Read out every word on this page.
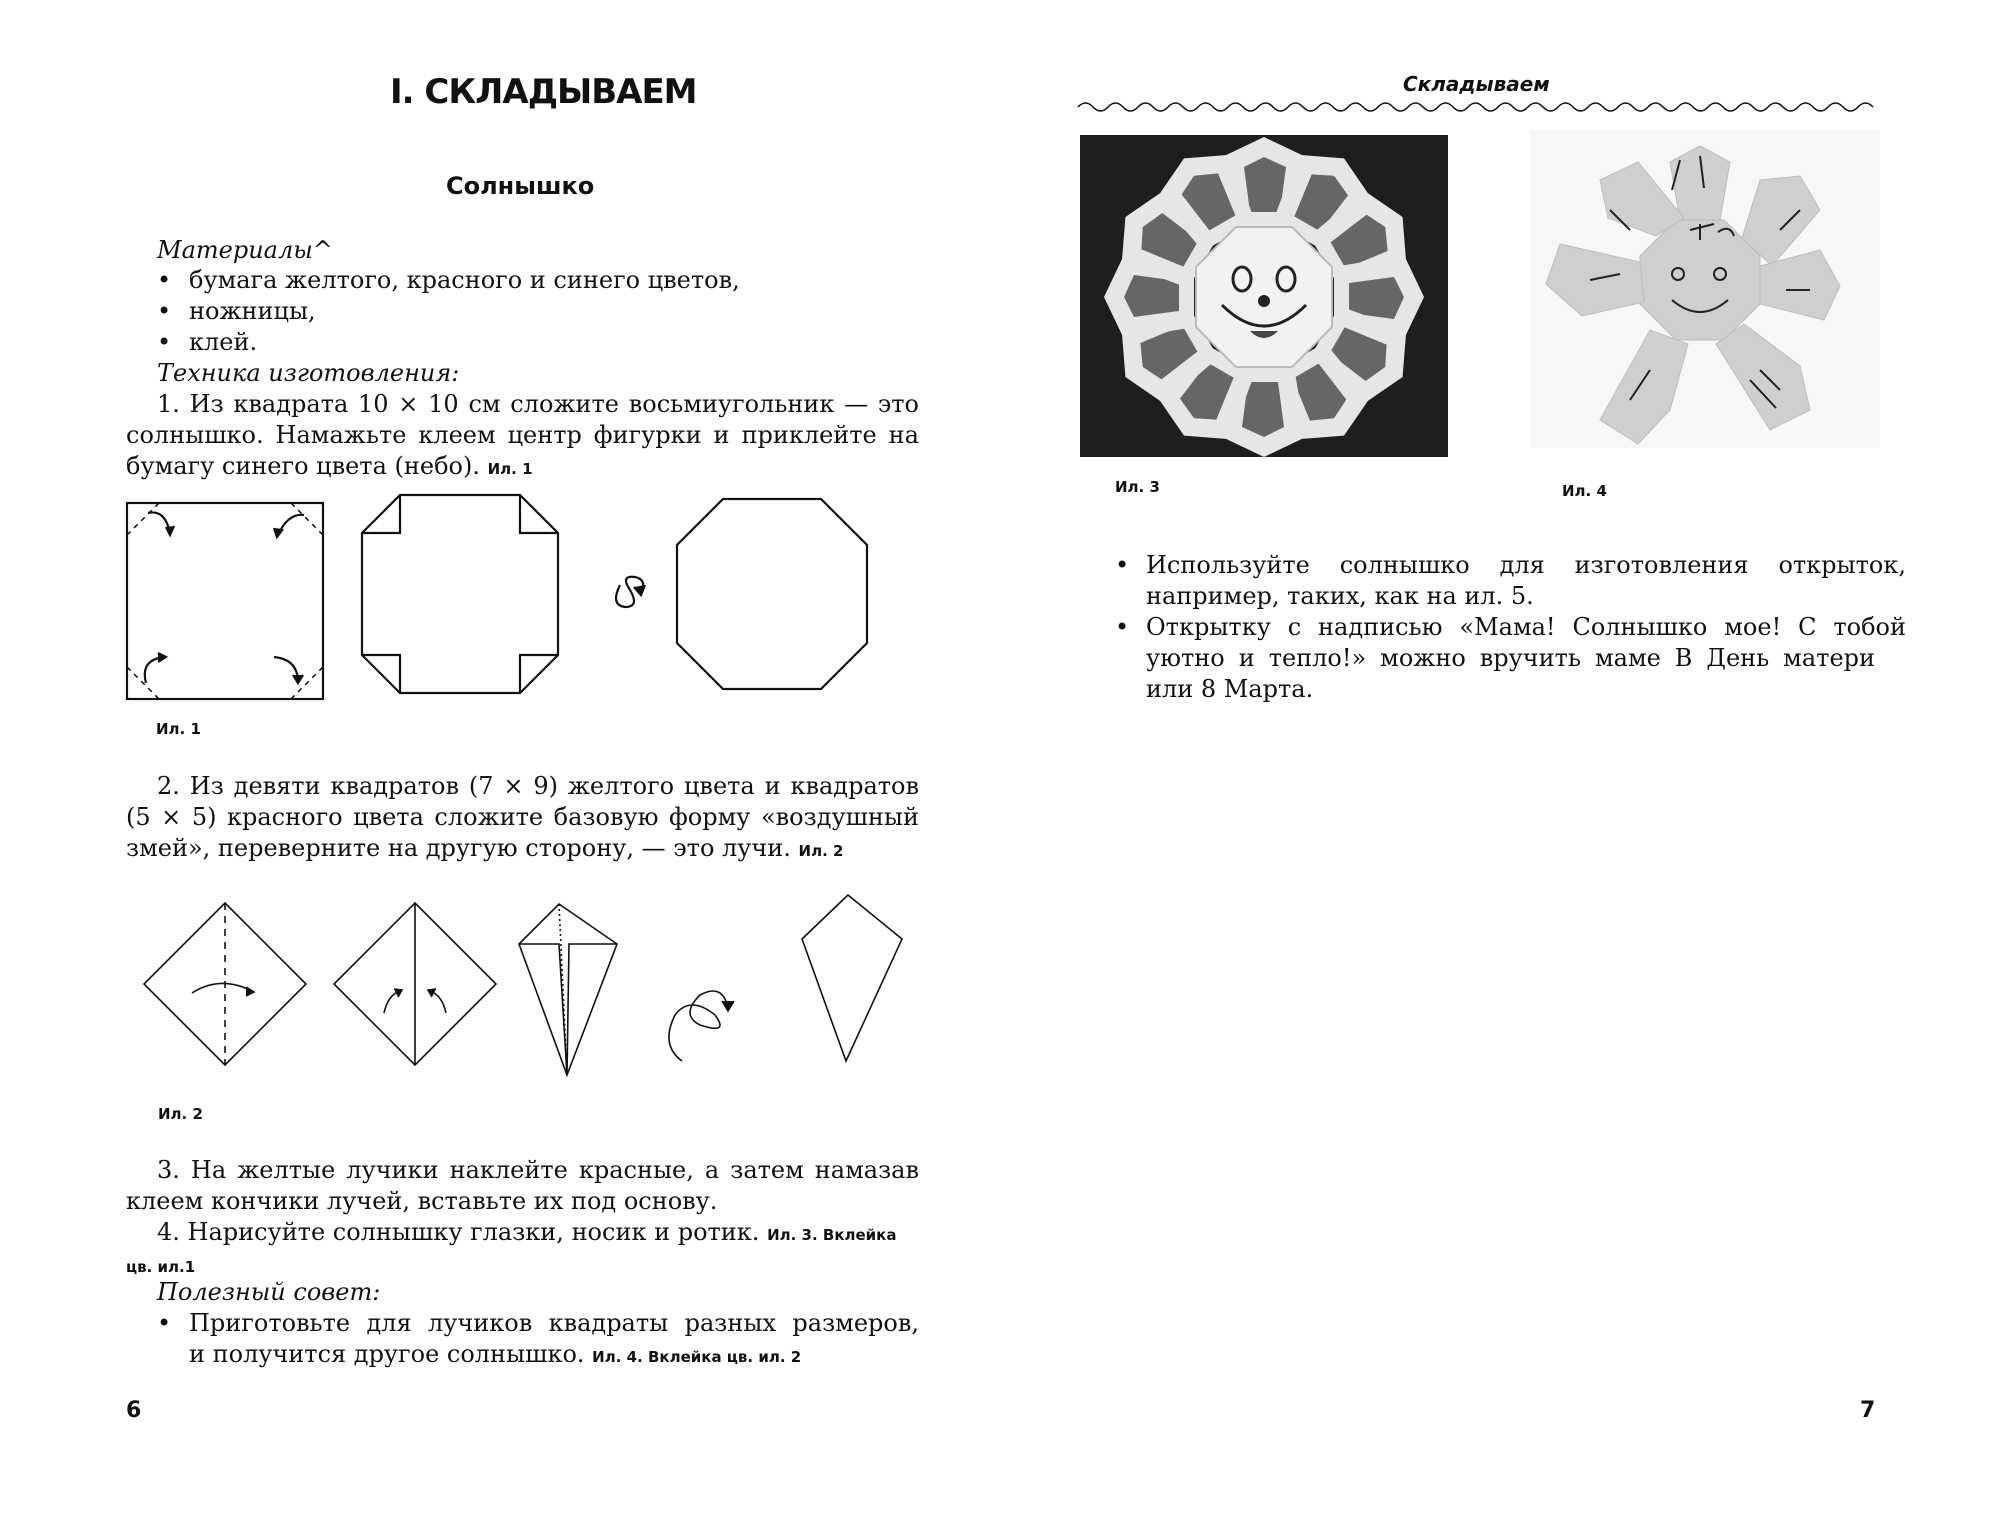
I. СКЛАДЫВАЕМ
Солнышко
Материалы^
• бумага желтого, красного и синего цветов,
• ножницы,
• клей.
Техника изготовления:
1. Из квадрата 10 × 10 см сложите восьмиугольник — это
солнышко. Намажьте клеем центр фигурки и приклейте на
бумагу синего цвета (небо). Ил. 1
Ил. 1
2. Из девяти квадратов (7 × 9) желтого цвета и квадратов
(5 × 5) красного цвета сложите базовую форму «воздушный
змей», переверните на другую сторону, — это лучи. Ил. 2
Ил. 2
3. На желтые лучики наклейте красные, а затем намазав
клеем кончики лучей, вставьте их под основу.
4. Нарисуйте солнышку глазки, носик и ротик. Ил. 3. Вклейка
цв. ил.1
Полезный совет:
• Приготовьте для лучиков квадраты разных размеров,
и получится другое солнышко. Ил. 4. Вклейка цв. ил. 2
6
Складываем
Ил. 3	Ил. 4
• Используйте солнышко для изготовления открыток,
например, таких, как на ил. 5.
• Открытку с надписью «Мама! Солнышко мое! С тобой
уютно и тепло!» можно вручить маме В День матери
или 8 Марта.
7
